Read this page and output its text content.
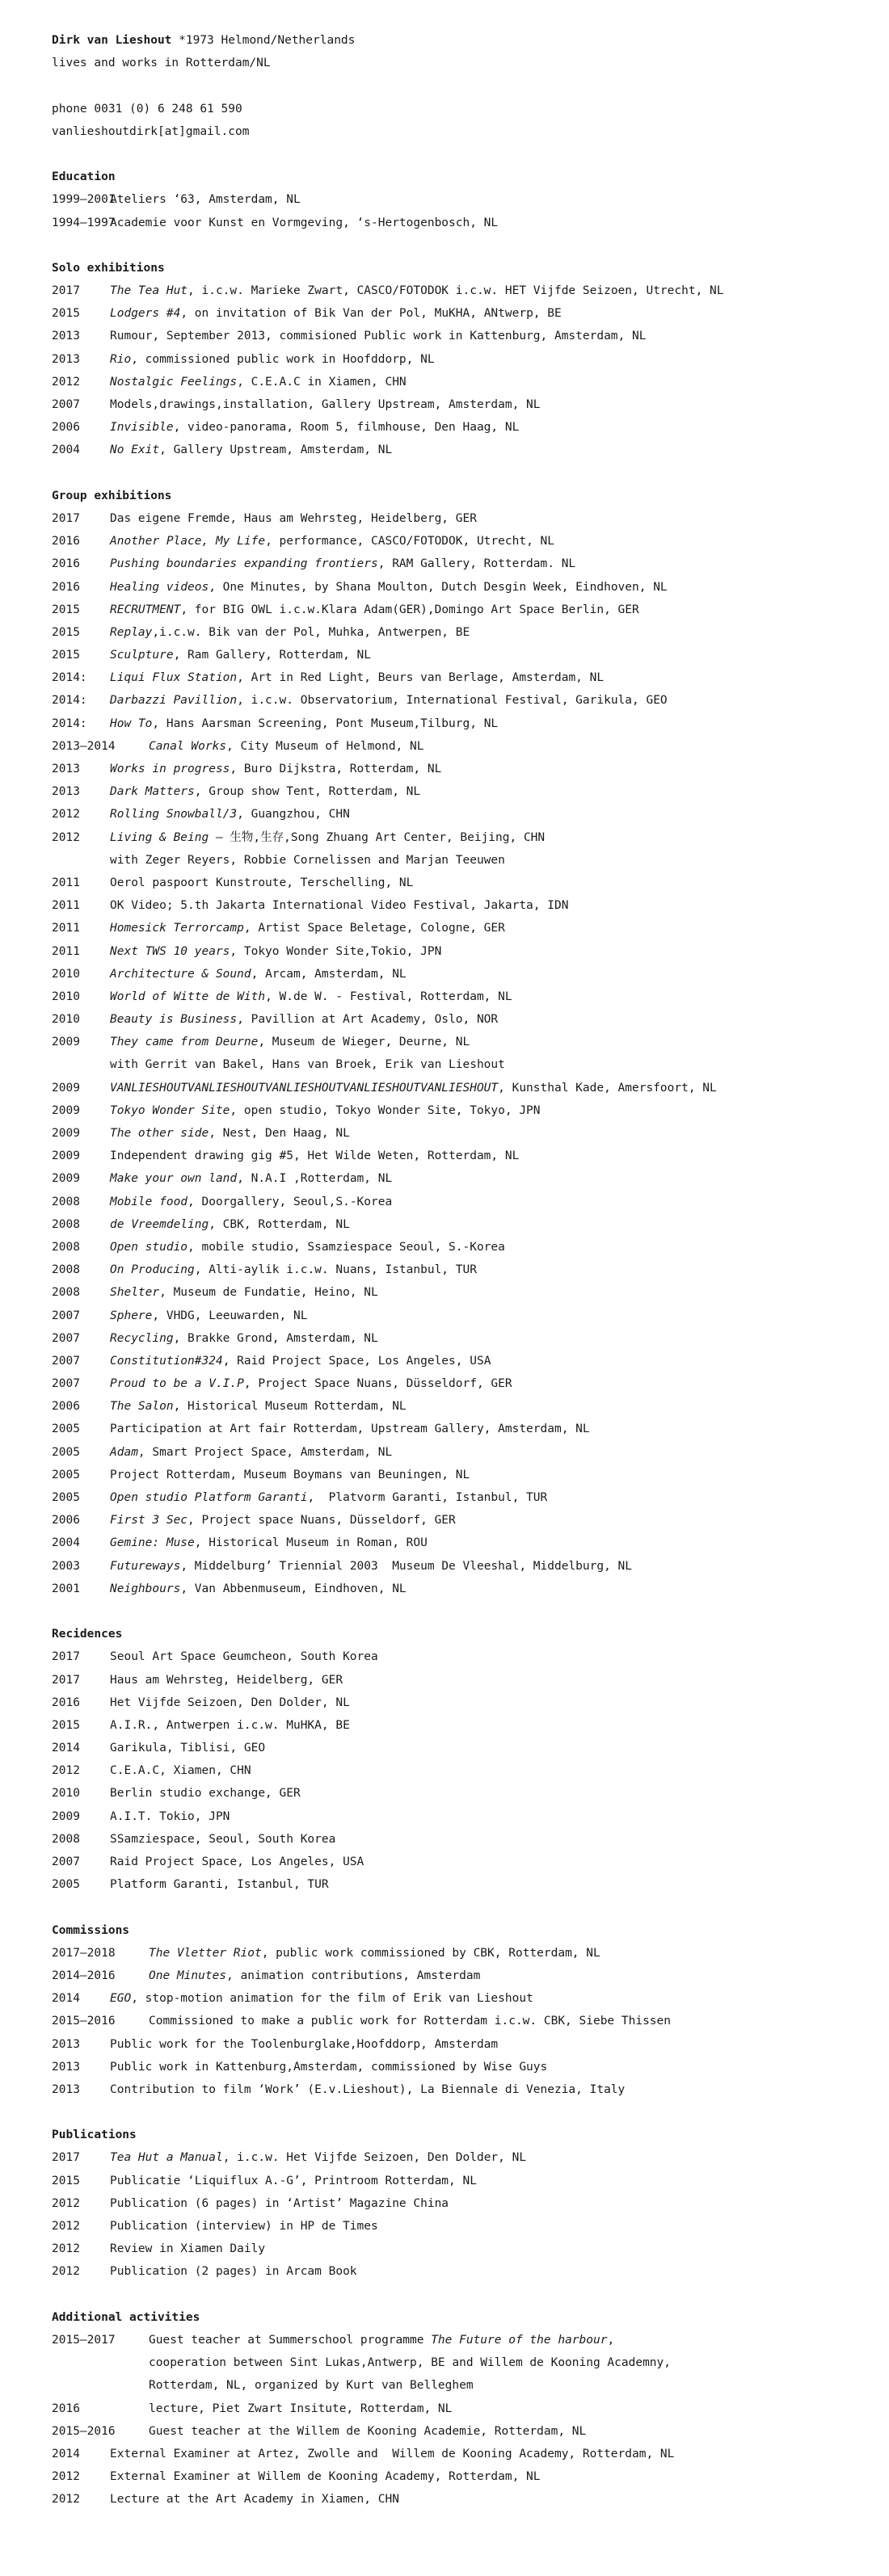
Dirk van Lieshout *1973 Helmond/Netherlands
lives and works in Rotterdam/NL
phone 0031 (0) 6 248 61 590
vanlieshoutdirk[at]gmail.com
Education
1999–2001Ateliers ‘63, Amsterdam, NL
1994–1997Academie voor Kunst en Vormgeving, ‘s-Hertogenbosch, NL
Solo exhibitions
2017	The Tea Hut, i.c.w. Marieke Zwart, CASCO/FOTODOK i.c.w. HET Vijfde Seizoen, Utrecht, NL
2015	Lodgers #4, on invitation of Bik Van der Pol, MuKHA, ANtwerp, BE
2013	Rumour, September 2013, commisioned Public work in Kattenburg, Amsterdam, NL
2013	Rio, commissioned public work in Hoofddorp, NL
2012	Nostalgic Feelings, C.E.A.C in Xiamen, CHN
2007	Models,drawings,installation, Gallery Upstream, Amsterdam, NL
2006	Invisible, video-panorama, Room 5, filmhouse, Den Haag, NL
2004	No Exit, Gallery Upstream, Amsterdam, NL
Group exhibitions
2017	Das eigene Fremde, Haus am Wehrsteg, Heidelberg, GER
2016	Another Place, My Life, performance, CASCO/FOTODOK, Utrecht, NL
2016	Pushing boundaries expanding frontiers, RAM Gallery, Rotterdam. NL
2016	Healing videos, One Minutes, by Shana Moulton, Dutch Desgin Week, Eindhoven, NL
2015	RECRUTMENT, for BIG OWL i.c.w.Klara Adam(GER),Domingo Art Space Berlin, GER
2015	Replay,i.c.w. Bik van der Pol, Muhka, Antwerpen, BE
2015	Sculpture, Ram Gallery, Rotterdam, NL
2014: Liqui Flux Station, Art in Red Light, Beurs van Berlage, Amsterdam, NL
2014: Darbazzi Pavillion, i.c.w. Observatorium, International Festival, Garikula, GEO
2014: How To, Hans Aarsman Screening, Pont Museum,Tilburg, NL
2013–2014	Canal Works, City Museum of Helmond, NL
2013	Works in progress, Buro Dijkstra, Rotterdam, NL
2013	Dark Matters, Group show Tent, Rotterdam, NL
2012	Rolling Snowball/3, Guangzhou, CHN
2012	Living & Being – 生物,生存,Song Zhuang Art Center, Beijing, CHN
with Zeger Reyers, Robbie Cornelissen and Marjan Teeuwen
2011	Oerol paspoort Kunstroute, Terschelling, NL
2011	OK Video; 5.th Jakarta International Video Festival, Jakarta, IDN
2011	Homesick Terrorcamp, Artist Space Beletage, Cologne, GER
2011	Next TWS 10 years, Tokyo Wonder Site,Tokio, JPN
2010	Architecture & Sound, Arcam, Amsterdam, NL
2010	World of Witte de With, W.de W. - Festival, Rotterdam, NL
2010	Beauty is Business, Pavillion at Art Academy, Oslo, NOR
2009	They came from Deurne, Museum de Wieger, Deurne, NL
with Gerrit van Bakel, Hans van Broek, Erik van Lieshout
2009	VANLIESHOUTVANLIESHOUTVANLIESHOUTVANLIESHOUTVANLIESHOUT, Kunsthal Kade, Amersfoort, NL
2009	Tokyo Wonder Site, open studio, Tokyo Wonder Site, Tokyo, JPN
2009	The other side, Nest, Den Haag, NL
2009	Independent drawing gig #5, Het Wilde Weten, Rotterdam, NL
2009	Make your own land, N.A.I ,Rotterdam, NL
2008	Mobile food, Doorgallery, Seoul,S.-Korea
2008	de Vreemdeling, CBK, Rotterdam, NL
2008	Open studio, mobile studio, Ssamziespace Seoul, S.-Korea
2008	On Producing, Alti-aylik i.c.w. Nuans, Istanbul, TUR
2008	Shelter, Museum de Fundatie, Heino, NL
2007	Sphere, VHDG, Leeuwarden, NL
2007	Recycling, Brakke Grond, Amsterdam, NL
2007	Constitution#324, Raid Project Space, Los Angeles, USA
2007	Proud to be a V.I.P, Project Space Nuans, Düsseldorf, GER
2006	The Salon, Historical Museum Rotterdam, NL
2005	Participation at Art fair Rotterdam, Upstream Gallery, Amsterdam, NL
2005	Adam, Smart Project Space, Amsterdam, NL
2005	Project Rotterdam, Museum Boymans van Beuningen, NL
2005	Open studio Platform Garanti,  Platvorm Garanti, Istanbul, TUR
2006	First 3 Sec, Project space Nuans, Düsseldorf, GER
2004	Gemine: Muse, Historical Museum in Roman, ROU
2003	Futureways, Middelburg’ Triennial 2003  Museum De Vleeshal, Middelburg, NL
2001	Neighbours, Van Abbenmuseum, Eindhoven, NL
Recidences
2017	Seoul Art Space Geumcheon, South Korea
2017	Haus am Wehrsteg, Heidelberg, GER
2016	Het Vijfde Seizoen, Den Dolder, NL
2015	A.I.R., Antwerpen i.c.w. MuHKA, BE
2014	Garikula, Tiblisi, GEO
2012	C.E.A.C, Xiamen, CHN
2010	Berlin studio exchange, GER
2009	A.I.T. Tokio, JPN
2008	SSamziespace, Seoul, South Korea
2007	Raid Project Space, Los Angeles, USA
2005	Platform Garanti, Istanbul, TUR
Commissions
2017–2018	The Vletter Riot, public work commissioned by CBK, Rotterdam, NL
2014–2016	One Minutes, animation contributions, Amsterdam
2014	EGO, stop-motion animation for the film of Erik van Lieshout
2015–2016	Commissioned to make a public work for Rotterdam i.c.w. CBK, Siebe Thissen
2013	Public work for the Toolenburglake,Hoofddorp, Amsterdam
2013	Public work in Kattenburg,Amsterdam, commissioned by Wise Guys
2013	Contribution to film ‘Work’ (E.v.Lieshout), La Biennale di Venezia, Italy
Publications
2017	Tea Hut a Manual, i.c.w. Het Vijfde Seizoen, Den Dolder, NL
2015	Publicatie ‘Liquiflux A.-G’, Printroom Rotterdam, NL
2012	Publication (6 pages) in ‘Artist’ Magazine China
2012	Publication (interview) in HP de Times
2012	Review in Xiamen Daily
2012	Publication (2 pages) in Arcam Book
Additional activities
2015–2017	Guest teacher at Summerschool programme The Future of the harbour,
cooperation between Sint Lukas,Antwerp, BE and Willem de Kooning Academny,
Rotterdam, NL, organized by Kurt van Belleghem
2016	lecture, Piet Zwart Insitute, Rotterdam, NL
2015–2016	Guest teacher at the Willem de Kooning Academie, Rotterdam, NL
2014	External Examiner at Artez, Zwolle and  Willem de Kooning Academy, Rotterdam, NL
2012	External Examiner at Willem de Kooning Academy, Rotterdam, NL
2012	Lecture at the Art Academy in Xiamen, CHN
